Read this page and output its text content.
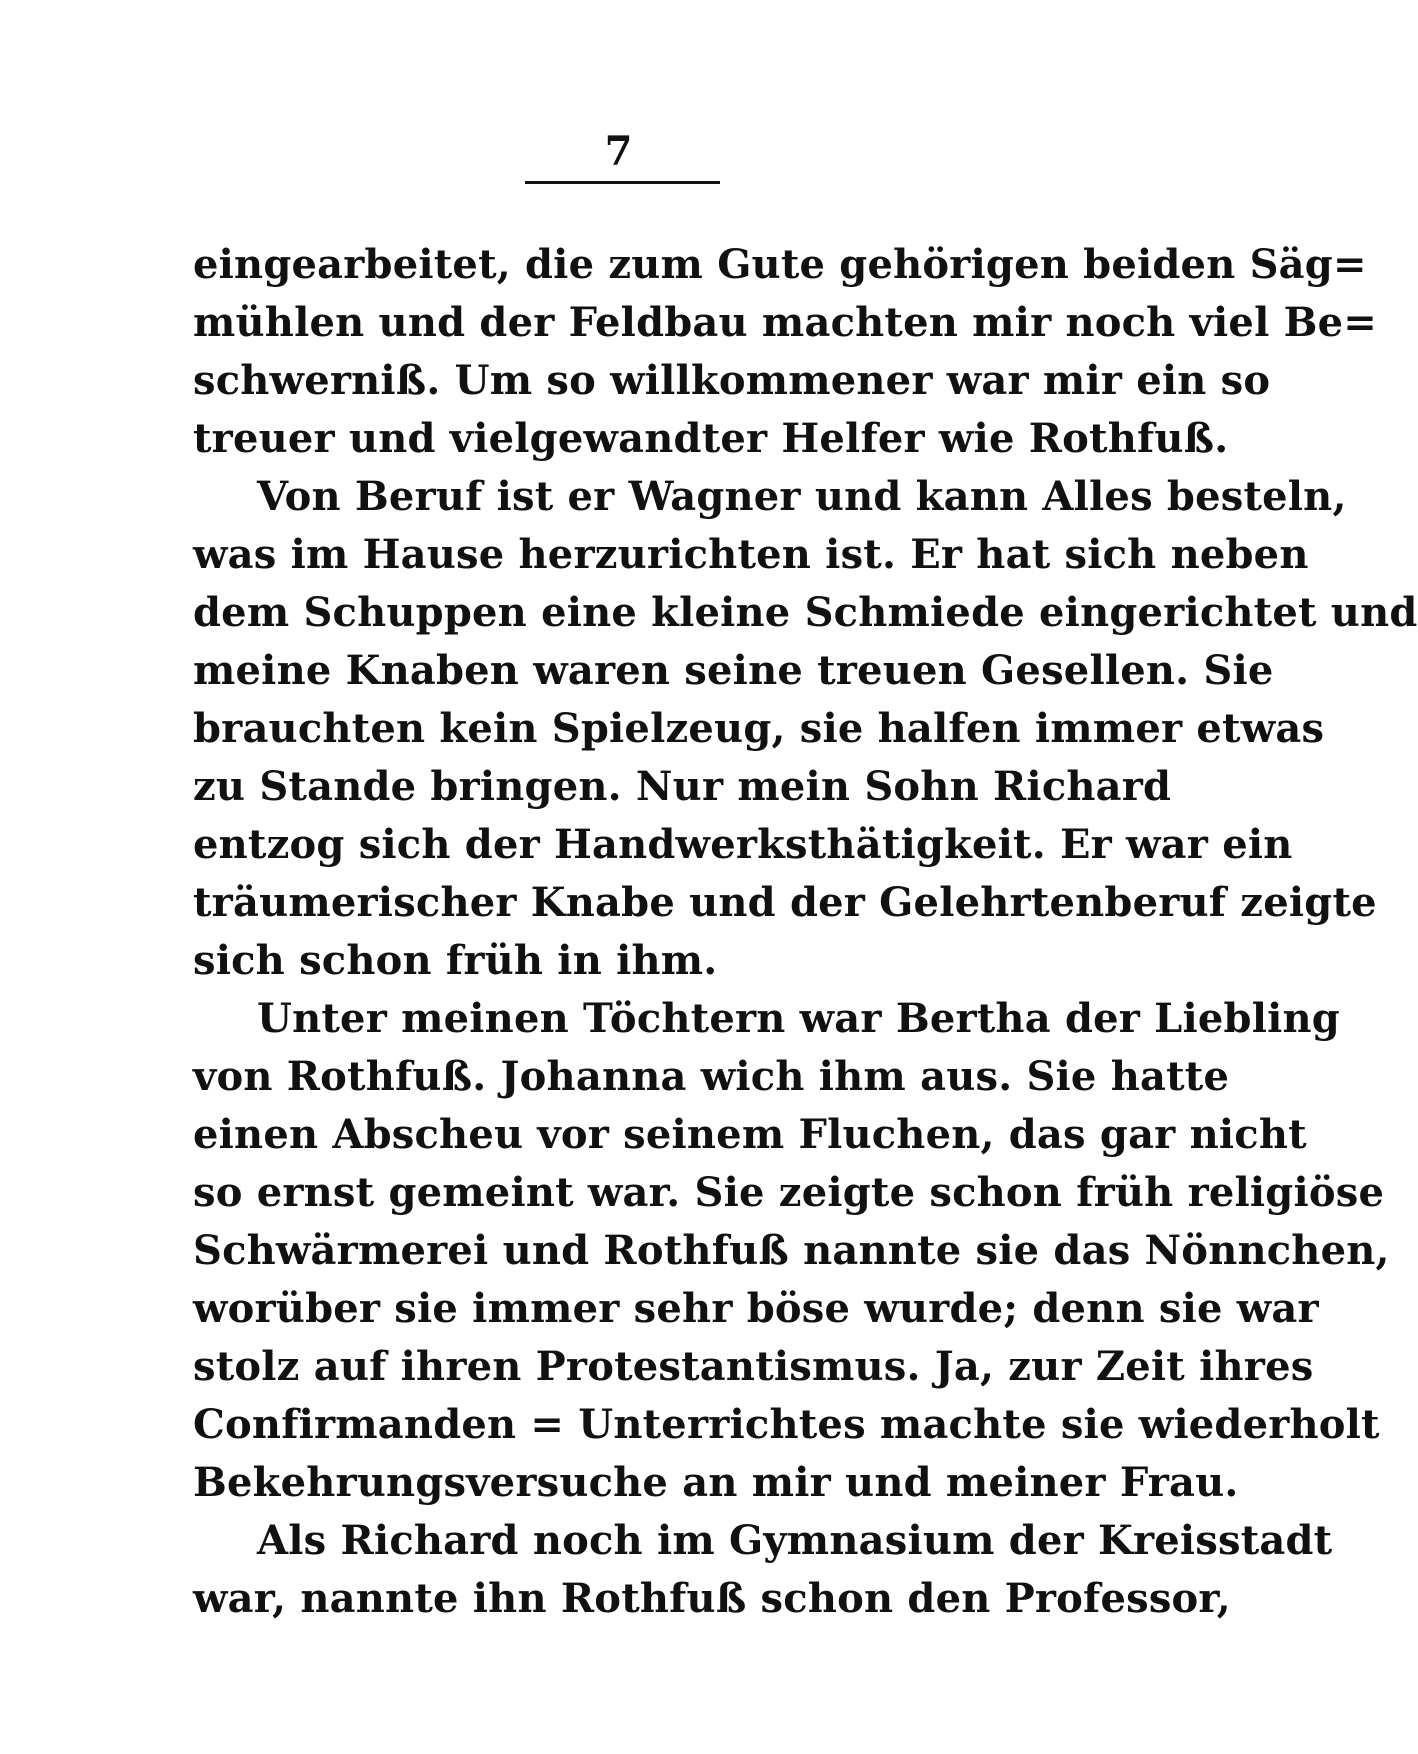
7
eingearbeitet, die zum Gute gehörigen beiden Säg=
mühlen und der Feldbau machten mir noch viel Be=
schwerniß. Um so willkommener war mir ein so
treuer und vielgewandter Helfer wie Rothfuß.
Von Beruf ist er Wagner und kann Alles besteln,
was im Hause herzurichten ist. Er hat sich neben
dem Schuppen eine kleine Schmiede eingerichtet und
meine Knaben waren seine treuen Gesellen. Sie
brauchten kein Spielzeug, sie halfen immer etwas
zu Stande bringen. Nur mein Sohn Richard
entzog sich der Handwerksthätigkeit. Er war ein
träumerischer Knabe und der Gelehrtenberuf zeigte
sich schon früh in ihm.
Unter meinen Töchtern war Bertha der Liebling
von Rothfuß. Johanna wich ihm aus. Sie hatte
einen Abscheu vor seinem Fluchen, das gar nicht
so ernst gemeint war. Sie zeigte schon früh religiöse
Schwärmerei und Rothfuß nannte sie das Nönnchen,
worüber sie immer sehr böse wurde; denn sie war
stolz auf ihren Protestantismus. Ja, zur Zeit ihres
Confirmanden = Unterrichtes machte sie wiederholt
Bekehrungsversuche an mir und meiner Frau.
Als Richard noch im Gymnasium der Kreisstadt
war, nannte ihn Rothfuß schon den Professor,
